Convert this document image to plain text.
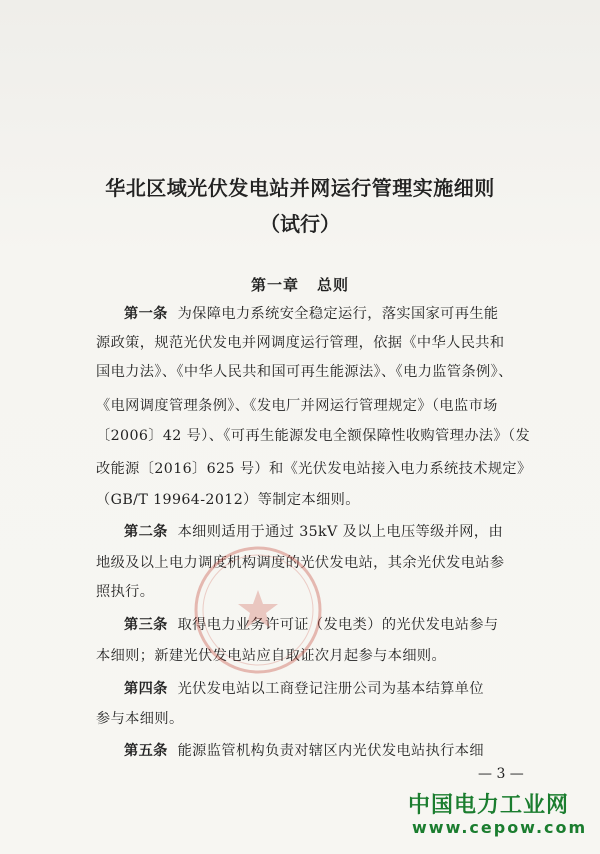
华北区域光伏发电站并网运行管理实施细则
（试行）
第一章 总则
第一条 为保障电力系统安全稳定运行，落实国家可再生能
源政策，规范光伏发电并网调度运行管理，依据《中华人民共和
国电力法》、《中华人民共和国可再生能源法》、《电力监管条例》、
《电网调度管理条例》、《发电厂并网运行管理规定》（电监市场
〔2006〕42 号）、《可再生能源发电全额保障性收购管理办法》（发
改能源〔2016〕625 号）和《光伏发电站接入电力系统技术规定》
（GB/T 19964-2012）等制定本细则。
第二条 本细则适用于通过 35kV 及以上电压等级并网，由
地级及以上电力调度机构调度的光伏发电站，其余光伏发电站参
照执行。
第三条 取得电力业务许可证（发电类）的光伏发电站参与
本细则；新建光伏发电站应自取证次月起参与本细则。
第四条 光伏发电站以工商登记注册公司为基本结算单位
参与本细则。
第五条 能源监管机构负责对辖区内光伏发电站执行本细
— 3 —
中国电力工业网
www.cepow.com
